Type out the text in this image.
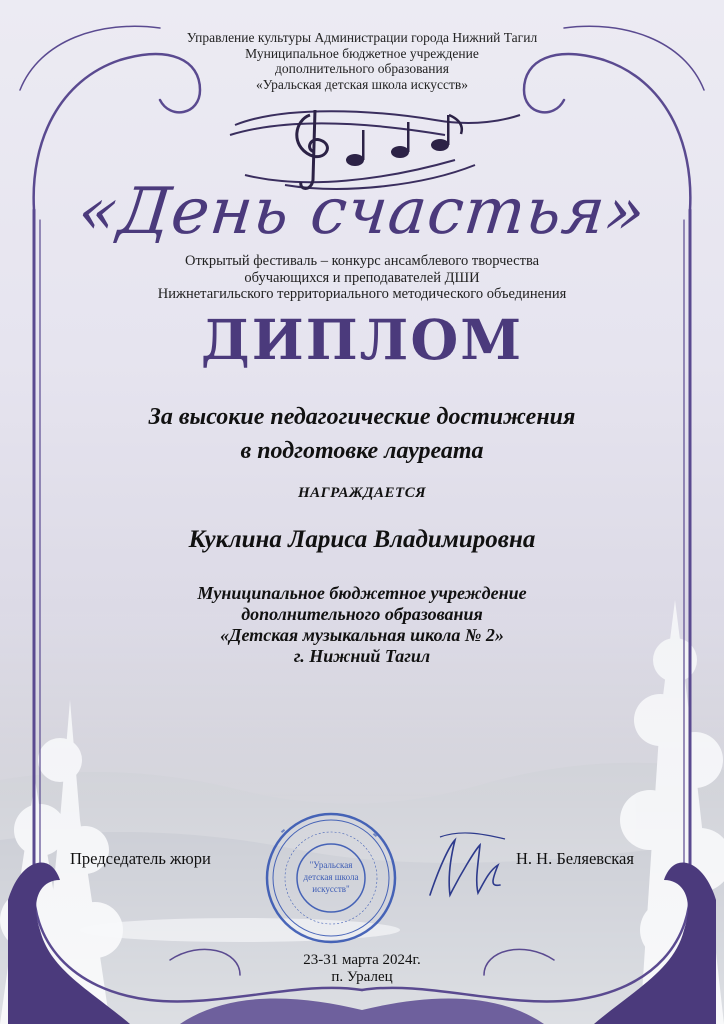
Управление культуры Администрации города Нижний Тагил
Муниципальное бюджетное учреждение
дополнительного образования
«Уральская детская школа искусств»
«День счастья»
Открытый фестиваль – конкурс ансамблевого творчества
обучающихся и преподавателей ДШИ
Нижнетагильского территориального методического объединения
ДИПЛОМ
За высокие педагогические достижения
в подготовке лауреата
НАГРАЖДАЕТСЯ
Куклина Лариса Владимировна
Муниципальное бюджетное учреждение
дополнительного образования
«Детская музыкальная школа № 2»
г. Нижний Тагил
Председатель жюри	Н. Н. Беляевская
"Уральская
детская школа
искусств"
23-31 марта 2024г.
п. Уралец
